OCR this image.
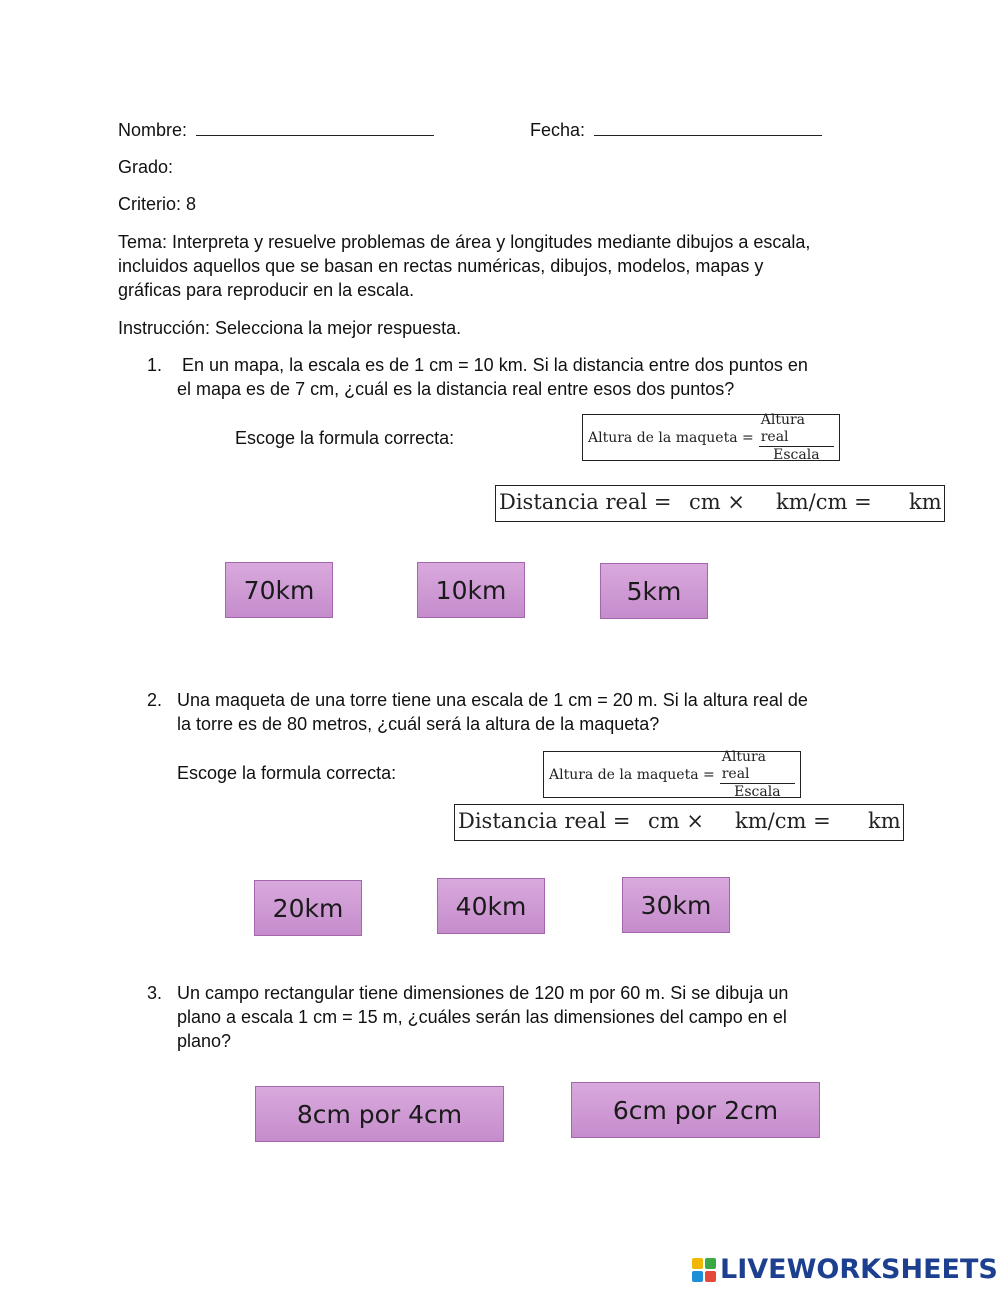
Nombre:	Fecha:
Grado:
Criterio: 8
Tema: Interpreta y resuelve problemas de área y longitudes mediante dibujos a escala,
incluidos aquellos que se basan en rectas numéricas, dibujos, modelos, mapas y
gráficas para reproducir en la escala.
Instrucción: Selecciona la mejor respuesta.
1. En un mapa, la escala es de 1 cm = 10 km. Si la distancia entre dos puntos en
el mapa es de 7 cm, ¿cuál es la distancia real entre esos dos puntos?
Escoge la formula correcta:	Altura de la maqueta = $\frac{\text{Altura real}}{\text{Escala}}$
Distancia real = cm × km/cm = km
70km	10km	5km
2. Una maqueta de una torre tiene una escala de 1 cm = 20 m. Si la altura real de
la torre es de 80 metros, ¿cuál será la altura de la maqueta?
Escoge la formula correcta:	Altura de la maqueta = $\frac{\text{Altura real}}{\text{Escala}}$
Distancia real = cm × km/cm = km
20km	40km	30km
3. Un campo rectangular tiene dimensiones de 120 m por 60 m. Si se dibuja un
plano a escala 1 cm = 15 m, ¿cuáles serán las dimensiones del campo en el
plano?
8cm por 4cm	6cm por 2cm
LIVEWORKSHEETS
